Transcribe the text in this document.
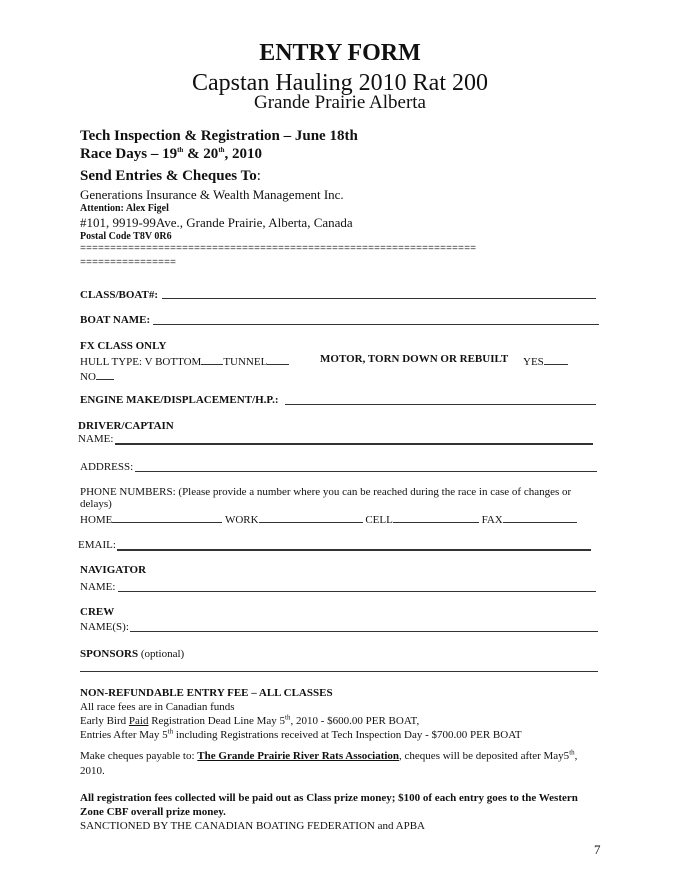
ENTRY FORM
Capstan Hauling 2010 Rat 200
Grande Prairie Alberta
Tech Inspection & Registration – June 18th
Race Days – 19th & 20th, 2010
Send Entries & Cheques To:
Generations Insurance & Wealth Management Inc.
Attention: Alex Figel
#101, 9919-99Ave., Grande Prairie, Alberta, Canada
Postal Code T8V 0R6
==================================================================
================
CLASS/BOAT#:
BOAT NAME:
FX CLASS ONLY
HULL TYPE: V BOTTOM TUNNEL	MOTOR, TORN DOWN OR REBUILT YES
NO
ENGINE MAKE/DISPLACEMENT/H.P.:
DRIVER/CAPTAIN
NAME:
ADDRESS:
PHONE NUMBERS: (Please provide a number where you can be reached during the race in case of changes or
delays)
HOME	WORK	CELL	FAX
EMAIL:
NAVIGATOR
NAME:
CREW
NAME(S):
SPONSORS (optional)
NON-REFUNDABLE ENTRY FEE – ALL CLASSES
All race fees are in Canadian funds
Early Bird Paid Registration Dead Line May 5th, 2010 - $600.00 PER BOAT,
Entries After May 5th including Registrations received at Tech Inspection Day - $700.00 PER BOAT
Make cheques payable to: The Grande Prairie River Rats Association, cheques will be deposited after May5th,
2010.
All registration fees collected will be paid out as Class prize money; $100 of each entry goes to the Western
Zone CBF overall prize money.
SANCTIONED BY THE CANADIAN BOATING FEDERATION and APBA
7
